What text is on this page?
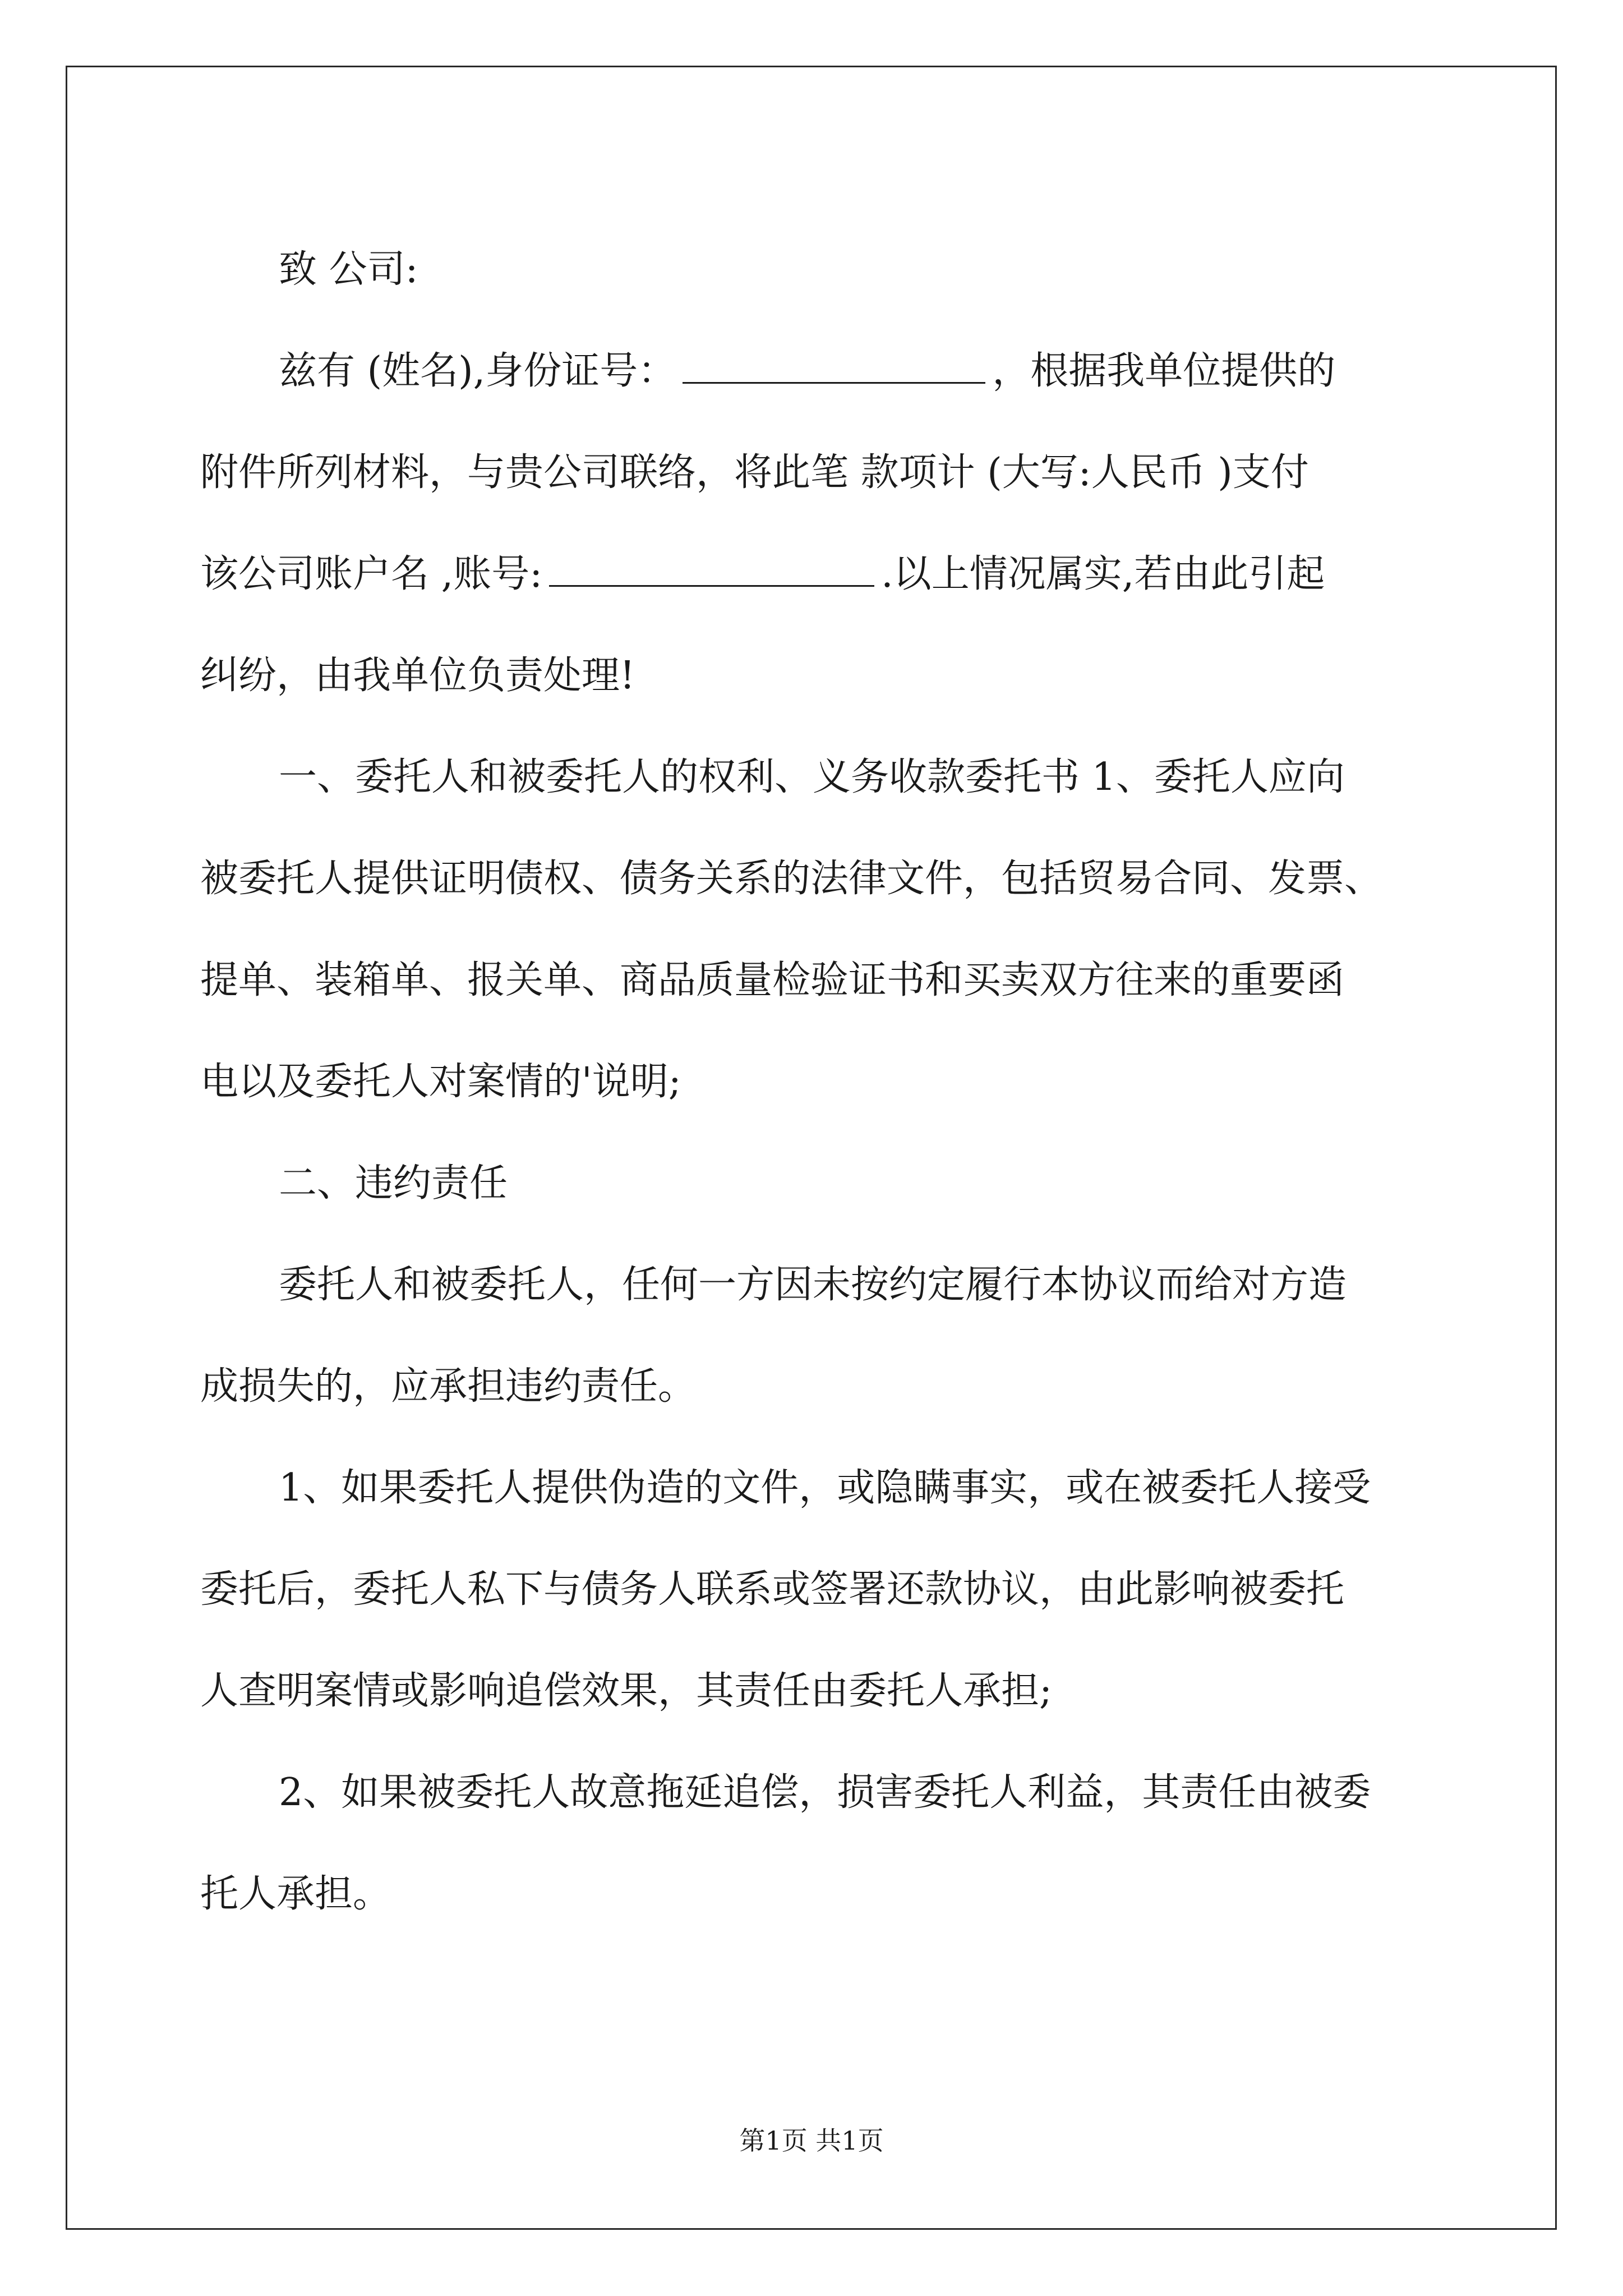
致 公司:
兹有 (姓名),身份证号：	，根据我单位提供的
附件所列材料，与贵公司联络，将此笔 款项计 (大写:人民币 )支付
该公司账户名 ,账号:	.以上情况属实,若由此引起
纠纷，由我单位负责处理!
一、委托人和被委托人的权利、义务收款委托书 1、委托人应向
被委托人提供证明债权、债务关系的法律文件，包括贸易合同、发票、
提单、装箱单、报关单、商品质量检验证书和买卖双方往来的重要函
电以及委托人对案情的'说明;
二、违约责任
委托人和被委托人，任何一方因未按约定履行本协议而给对方造
成损失的，应承担违约责任。
1、如果委托人提供伪造的文件，或隐瞒事实，或在被委托人接受
委托后，委托人私下与债务人联系或签署还款协议，由此影响被委托
人查明案情或影响追偿效果，其责任由委托人承担;
2、如果被委托人故意拖延追偿，损害委托人利益，其责任由被委
托人承担。
第1页 共1页
